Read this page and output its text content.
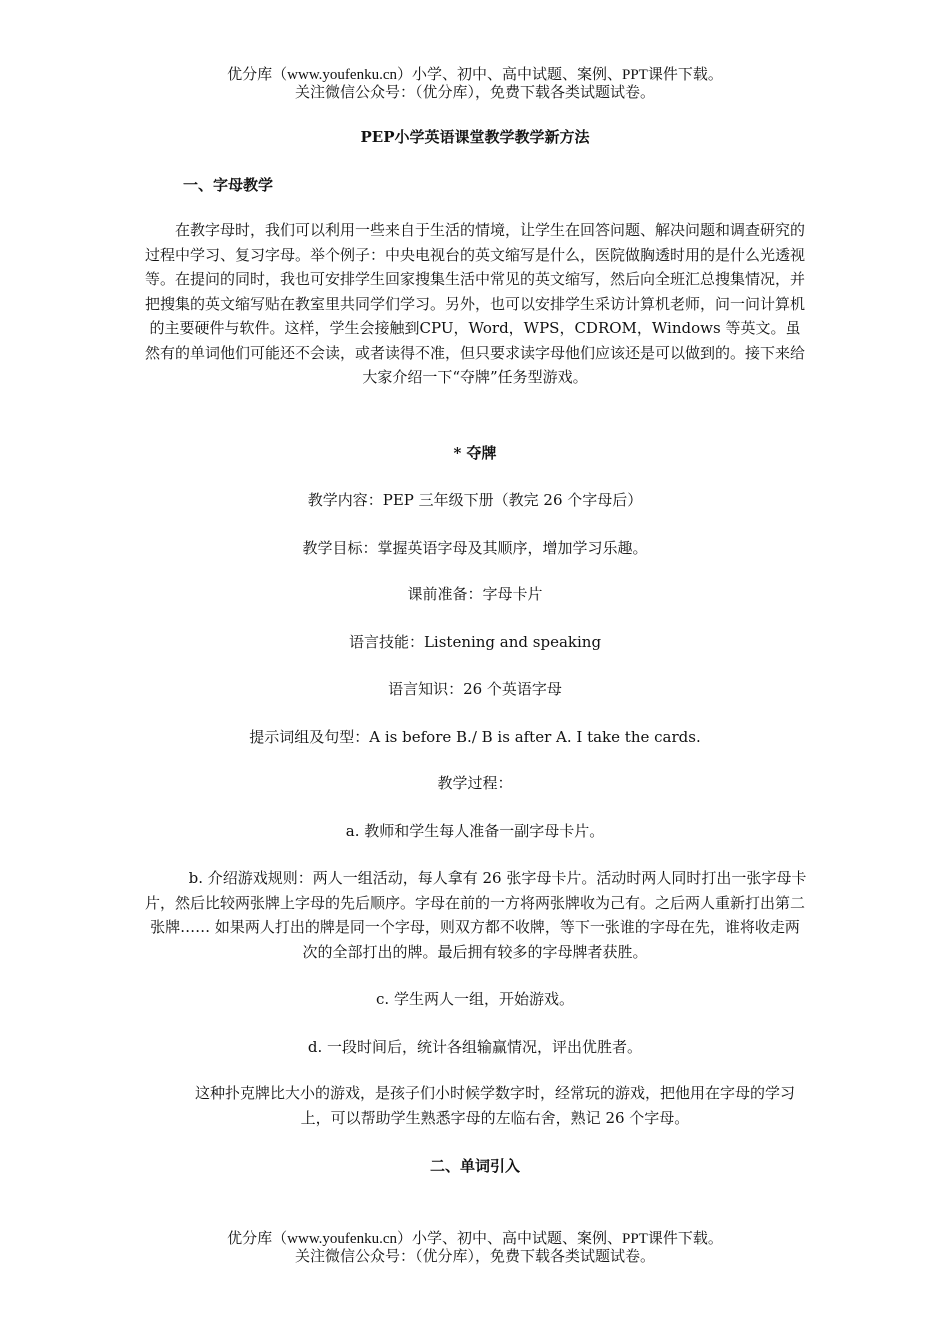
优分库（www.youfenku.cn）小学、初中、高中试题、案例、PPT课件下载。
关注微信公众号：（优分库），免费下载各类试题试卷。
PEP小学英语课堂教学教学新方法
一、字母教学
在教字母时，我们可以利用一些来自于生活的情境，让学生在回答问题、解决问题和调查研究的过程中学习、复习字母。举个例子：中央电视台的英文缩写是什么，医院做胸透时用的是什么光透视等。在提问的同时，我也可安排学生回家搜集生活中常见的英文缩写，然后向全班汇总搜集情况，并把搜集的英文缩写贴在教室里共同学们学习。另外，也可以安排学生采访计算机老师，问一问计算机的主要硬件与软件。这样，学生会接触到CPU，Word，WPS，CDROM，Windows 等英文。虽然有的单词他们可能还不会读，或者读得不准，但只要求读字母他们应该还是可以做到的。接下来给大家介绍一下“夺牌”任务型游戏。
* 夺牌
教学内容：PEP 三年级下册（教完 26 个字母后）
教学目标：掌握英语字母及其顺序，增加学习乐趣。
课前准备：字母卡片
语言技能：Listening and speaking
语言知识：26 个英语字母
提示词组及句型：A is before B./ B is after A. I take the cards.
教学过程：
a. 教师和学生每人准备一副字母卡片。
b. 介绍游戏规则：两人一组活动，每人拿有 26 张字母卡片。活动时两人同时打出一张字母卡片，然后比较两张牌上字母的先后顺序。字母在前的一方将两张牌收为己有。之后两人重新打出第二张牌…… 如果两人打出的牌是同一个字母，则双方都不收牌，等下一张谁的字母在先，谁将收走两次的全部打出的牌。最后拥有较多的字母牌者获胜。
c. 学生两人一组，开始游戏。
d. 一段时间后，统计各组输赢情况，评出优胜者。
这种扑克牌比大小的游戏，是孩子们小时候学数字时，经常玩的游戏，把他用在字母的学习上，可以帮助学生熟悉字母的左临右舍，熟记 26 个字母。
二、单词引入
优分库（www.youfenku.cn）小学、初中、高中试题、案例、PPT课件下载。
关注微信公众号：（优分库），免费下载各类试题试卷。
